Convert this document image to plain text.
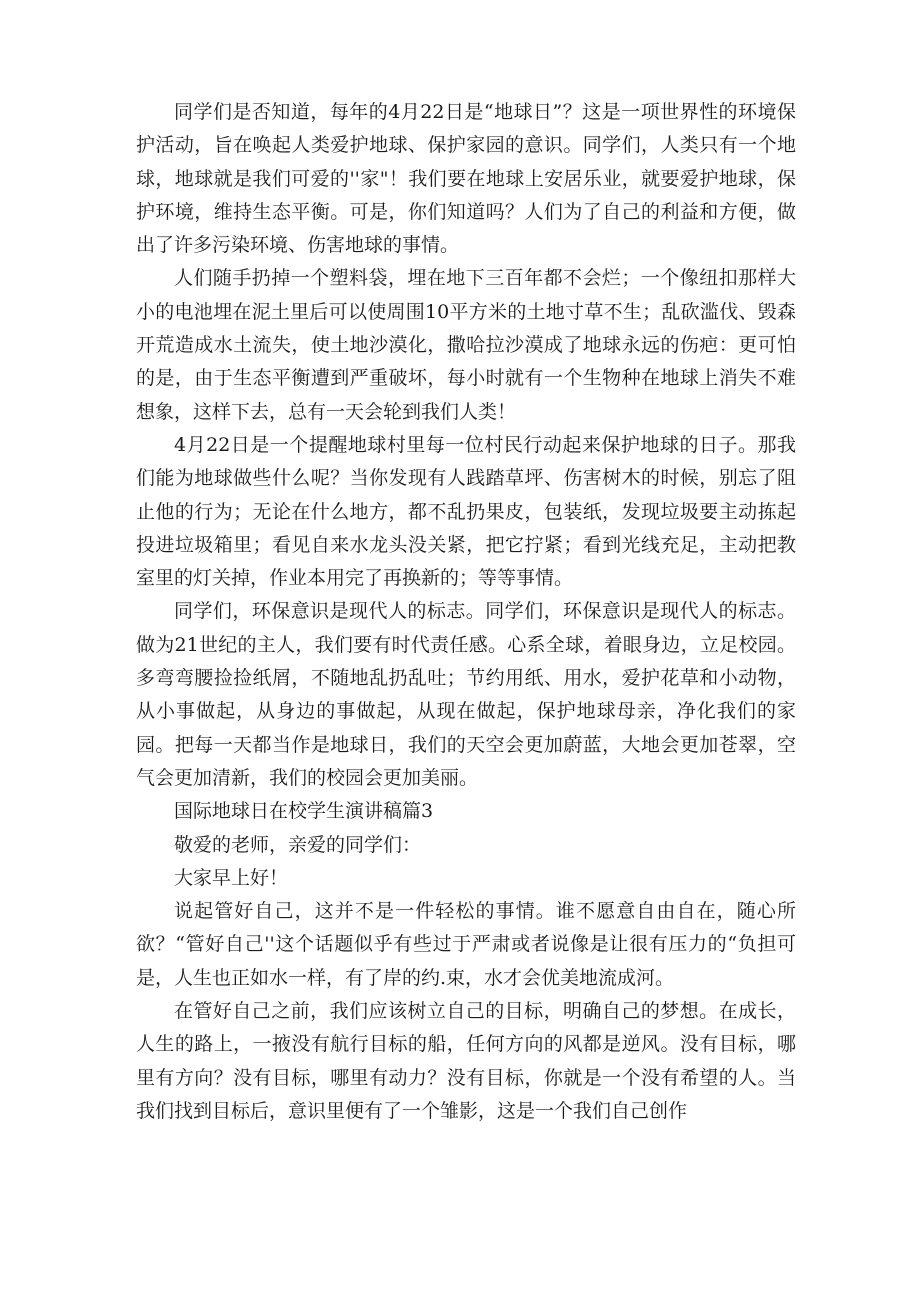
同学们是否知道，每年的4月22日是“地球日”？这是一项世界性的环境保护活动，旨在唤起人类爱护地球、保护家园的意识。同学们，人类只有一个地球，地球就是我们可爱的''家"！我们要在地球上安居乐业，就要爱护地球，保护环境，维持生态平衡。可是，你们知道吗？人们为了自己的利益和方便，做出了许多污染环境、伤害地球的事情。

人们随手扔掉一个塑料袋，埋在地下三百年都不会烂；一个像纽扣那样大小的电池埋在泥土里后可以使周围10平方米的土地寸草不生；乱砍滥伐、毁森开荒造成水土流失，使土地沙漠化，撒哈拉沙漠成了地球永远的伤疤：更可怕的是，由于生态平衡遭到严重破坏，每小时就有一个生物种在地球上消失不难想象，这样下去，总有一天会轮到我们人类！

4月22日是一个提醒地球村里每一位村民行动起来保护地球的日子。那我们能为地球做些什么呢？当你发现有人践踏草坪、伤害树木的时候，别忘了阻止他的行为；无论在什么地方，都不乱扔果皮，包装纸，发现垃圾要主动拣起投进垃圾箱里；看见自来水龙头没关紧，把它拧紧；看到光线充足，主动把教室里的灯关掉，作业本用完了再换新的；等等事情。

同学们，环保意识是现代人的标志。同学们，环保意识是现代人的标志。做为21世纪的主人，我们要有时代责任感。心系全球，着眼身边，立足校园。多弯弯腰捡捡纸屑，不随地乱扔乱吐；节约用纸、用水，爱护花草和小动物，从小事做起，从身边的事做起，从现在做起，保护地球母亲，净化我们的家园。把每一天都当作是地球日，我们的天空会更加蔚蓝，大地会更加苍翠，空气会更加清新，我们的校园会更加美丽。

国际地球日在校学生演讲稿篇3

敬爱的老师，亲爱的同学们：

大家早上好！

说起管好自己，这并不是一件轻松的事情。谁不愿意自由自在，随心所欲？“管好自己''这个话题似乎有些过于严肃或者说像是让很有压力的“负担可是，人生也正如水一样，有了岸的约.束，水才会优美地流成河。

在管好自己之前，我们应该树立自己的目标，明确自己的梦想。在成长，人生的路上，一掖没有航行目标的船，任何方向的风都是逆风。没有目标，哪里有方向？没有目标，哪里有动力？没有目标，你就是一个没有希望的人。当我们找到目标后，意识里便有了一个雏影，这是一个我们自己创作
